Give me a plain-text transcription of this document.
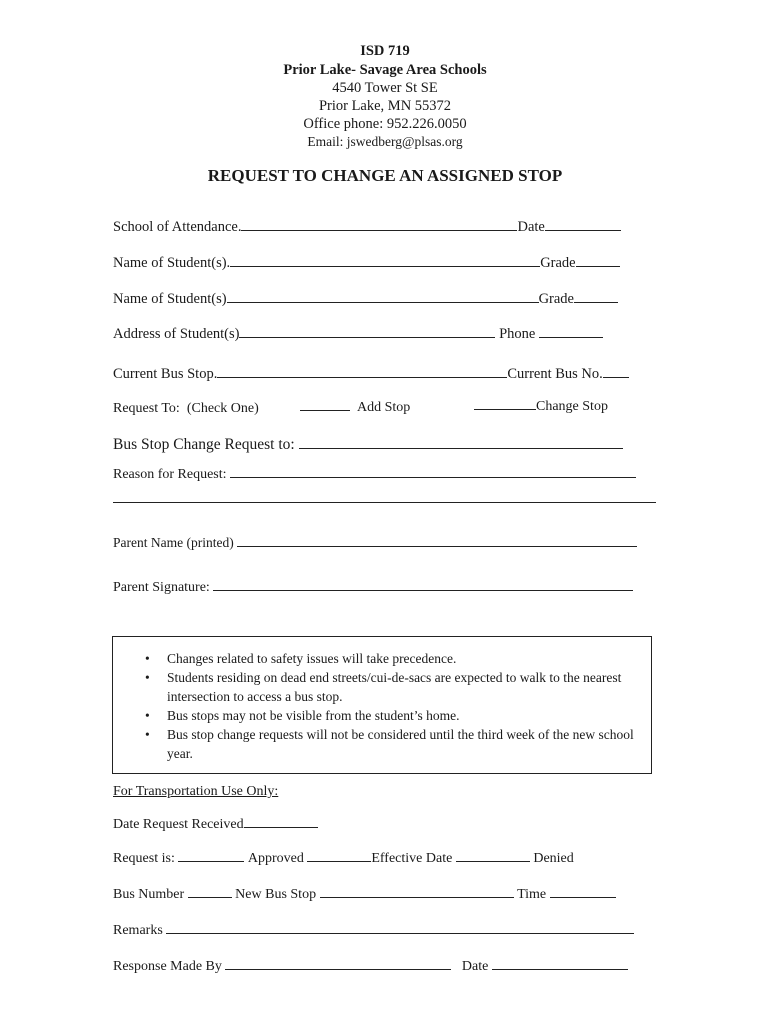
ISD 719
Prior Lake- Savage Area Schools
4540 Tower St SE
Prior Lake, MN 55372
Office phone: 952.226.0050
Email: jswedberg@plsas.org
REQUEST TO CHANGE AN ASSIGNED STOP
School of Attendance.	Date
Name of Student(s).	Grade
Name of Student(s)	Grade
Address of Student(s)	Phone
Current Bus Stop.	Current Bus No.
Request To: (Check One)	Add Stop	Change Stop
Bus Stop Change Request to:
Reason for Request:
Parent Name (printed)
Parent Signature:
• Changes related to safety issues will take precedence.
• Students residing on dead end streets/cui-de-sacs are expected to walk to the nearest intersection to access a bus stop.
• Bus stops may not be visible from the student’s home.
• Bus stop change requests will not be considered until the third week of the new school year.
For Transportation Use Only:
Date Request Received
Request is:	Approved	Effective Date	Denied
Bus Number	New Bus Stop	Time
Remarks
Response Made By	Date
